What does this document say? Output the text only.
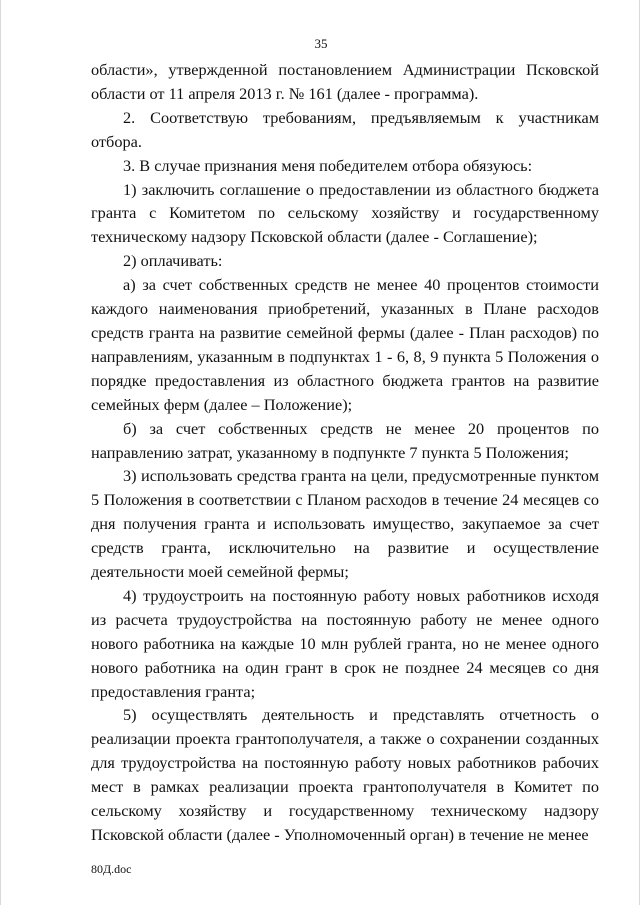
35

области», утвержденной постановлением Администрации Псковской области от 11 апреля 2013 г. № 161 (далее - программа).

2. Соответствую требованиям, предъявляемым к участникам отбора.

3. В случае признания меня победителем отбора обязуюсь:

1) заключить соглашение о предоставлении из областного бюджета гранта с Комитетом по сельскому хозяйству и государственному техническому надзору Псковской области (далее - Соглашение);

2) оплачивать:

а) за счет собственных средств не менее 40 процентов стоимости каждого наименования приобретений, указанных в Плане расходов средств гранта на развитие семейной фермы (далее - План расходов) по направлениям, указанным в подпунктах 1 - 6, 8, 9 пункта 5 Положения о порядке предоставления из областного бюджета грантов на развитие семейных ферм (далее – Положение);

б) за счет собственных средств не менее 20 процентов по направлению затрат, указанному в подпункте 7 пункта 5 Положения;

3) использовать средства гранта на цели, предусмотренные пунктом 5 Положения в соответствии с Планом расходов в течение 24 месяцев со дня получения гранта и использовать имущество, закупаемое за счет средств гранта, исключительно на развитие и осуществление деятельности моей семейной фермы;

4) трудоустроить на постоянную работу новых работников исходя из расчета трудоустройства на постоянную работу не менее одного нового работника на каждые 10 млн рублей гранта, но не менее одного нового работника на один грант в срок не позднее 24 месяцев со дня предоставления гранта;

5) осуществлять деятельность и представлять отчетность о реализации проекта грантополучателя, а также о сохранении созданных для трудоустройства на постоянную работу новых работников рабочих мест в рамках реализации проекта грантополучателя в Комитет по сельскому хозяйству и государственному техническому надзору Псковской области (далее - Уполномоченный орган) в течение не менее

80Д.doc
